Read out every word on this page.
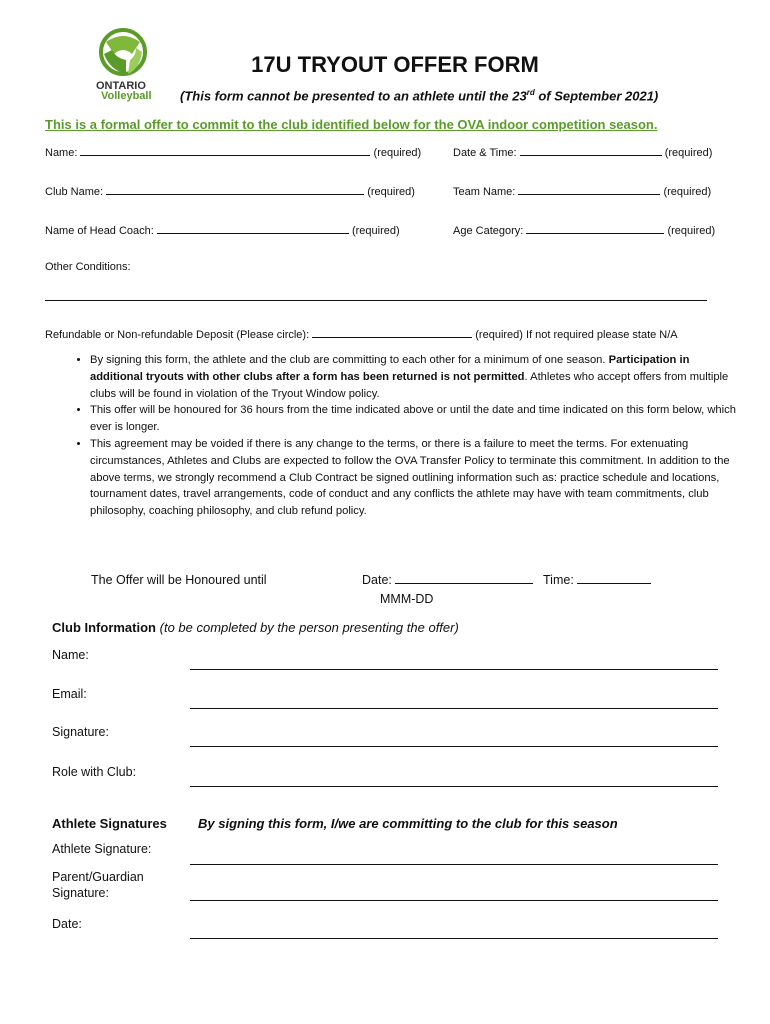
ONTARIO
Volleyball
17U TRYOUT OFFER FORM
(This form cannot be presented to an athlete until the 23rd of September 2021)
This is a formal offer to commit to the club identified below for the OVA indoor competition season.
Name:	(required)	Date & Time:	(required)
Club Name:	(required)	Team Name:	(required)
Name of Head Coach:	(required)	Age Category:	(required)
Other Conditions:
Refundable or Non-refundable Deposit (Please circle):	(required) If not required please state N/A
• By signing this form, the athlete and the club are committing to each other for a minimum of one season. Participation in additional tryouts with other clubs after a form has been returned is not permitted. Athletes who accept offers from multiple clubs will be found in violation of the Tryout Window policy.
• This offer will be honoured for 36 hours from the time indicated above or until the date and time indicated on this form below, which ever is longer.
• This agreement may be voided if there is any change to the terms, or there is a failure to meet the terms. For extenuating circumstances, Athletes and Clubs are expected to follow the OVA Transfer Policy to terminate this commitment. In addition to the above terms, we strongly recommend a Club Contract be signed outlining information such as: practice schedule and locations, tournament dates, travel arrangements, code of conduct and any conflicts the athlete may have with team commitments, club philosophy, coaching philosophy, and club refund policy.
The Offer will be Honoured until	Date:	Time:
MMM-DD
Club Information (to be completed by the person presenting the offer)
Name:
Email:
Signature:
Role with Club:
Athlete Signatures By signing this form, I/we are committing to the club for this season
Athlete Signature:
Parent/Guardian
Signature:
Date:
